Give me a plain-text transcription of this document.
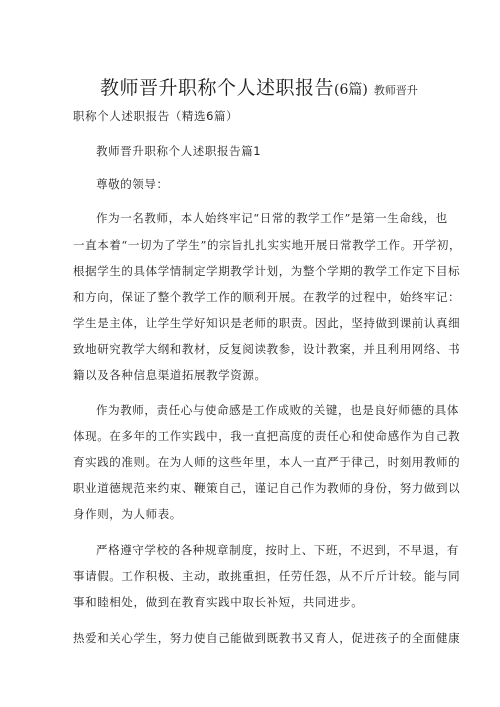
教师晋升职称个人述职报告(6篇) 教师晋升
职称个人述职报告（精选6篇）
教师晋升职称个人述职报告篇1
尊敬的领导：
作为一名教师，本人始终牢记“日常的教学工作”是第一生命线，也
一直本着“一切为了学生”的宗旨扎扎实实地开展日常教学工作。开学初，
根据学生的具体学情制定学期教学计划，为整个学期的教学工作定下目标
和方向，保证了整个教学工作的顺利开展。在教学的过程中，始终牢记：
学生是主体，让学生学好知识是老师的职责。因此，坚持做到课前认真细
致地研究教学大纲和教材，反复阅读教参，设计教案，并且利用网络、书
籍以及各种信息渠道拓展教学资源。
作为教师，责任心与使命感是工作成败的关键，也是良好师德的具体
体现。在多年的工作实践中，我一直把高度的责任心和使命感作为自己教
育实践的准则。在为人师的这些年里，本人一直严于律己，时刻用教师的
职业道德规范来约束、鞭策自己，谨记自己作为教师的身份，努力做到以
身作则，为人师表。
严格遵守学校的各种规章制度，按时上、下班，不迟到，不早退，有
事请假。工作积极、主动，敢挑重担，任劳任怨，从不斤斤计较。能与同
事和睦相处，做到在教育实践中取长补短，共同进步。
热爱和关心学生，努力使自己能做到既教书又育人，促进孩子的全面健康
